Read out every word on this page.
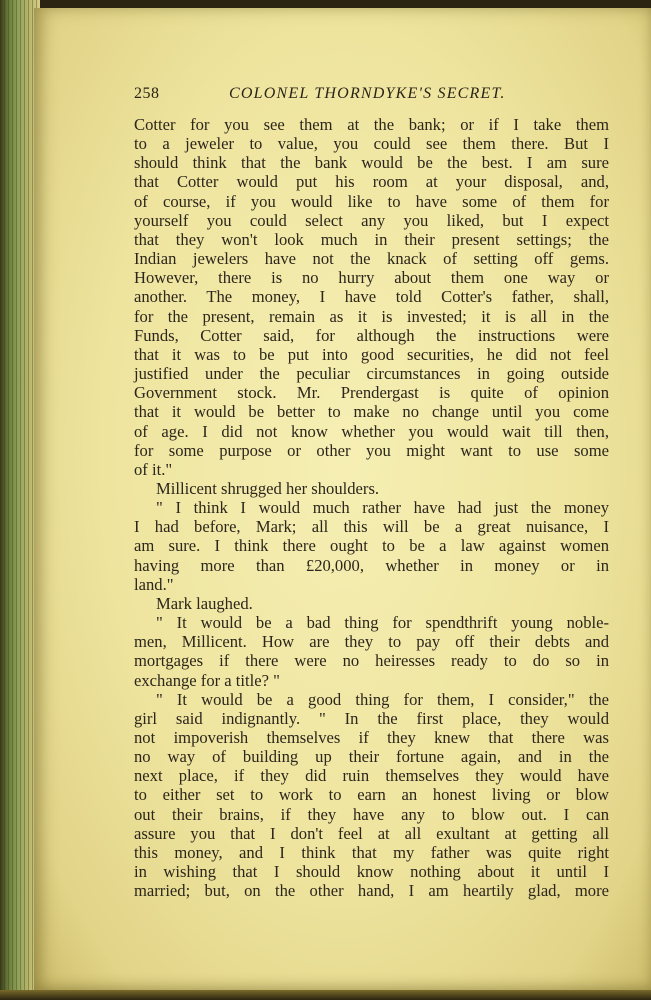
258	COLONEL THORNDYKE'S SECRET.
Cotter for you see them at the bank; or if I take them
to a jeweler to value, you could see them there. But I
should think that the bank would be the best. I am sure
that Cotter would put his room at your disposal, and,
of course, if you would like to have some of them for
yourself you could select any you liked, but I expect
that they won't look much in their present settings; the
Indian jewelers have not the knack of setting off gems.
However, there is no hurry about them one way or
another. The money, I have told Cotter's father, shall,
for the present, remain as it is invested; it is all in the
Funds, Cotter said, for although the instructions were
that it was to be put into good securities, he did not feel
justified under the peculiar circumstances in going outside
Government stock. Mr. Prendergast is quite of opinion
that it would be better to make no change until you come
of age. I did not know whether you would wait till then,
for some purpose or other you might want to use some
of it."
Millicent shrugged her shoulders.
" I think I would much rather have had just the money
I had before, Mark; all this will be a great nuisance, I
am sure. I think there ought to be a law against women
having more than £20,000, whether in money or in
land."
Mark laughed.
" It would be a bad thing for spendthrift young noble-
men, Millicent. How are they to pay off their debts and
mortgages if there were no heiresses ready to do so in
exchange for a title? "
" It would be a good thing for them, I consider," the
girl said indignantly. " In the first place, they would
not impoverish themselves if they knew that there was
no way of building up their fortune again, and in the
next place, if they did ruin themselves they would have
to either set to work to earn an honest living or blow
out their brains, if they have any to blow out. I can
assure you that I don't feel at all exultant at getting all
this money, and I think that my father was quite right
in wishing that I should know nothing about it until I
married; but, on the other hand, I am heartily glad, more
